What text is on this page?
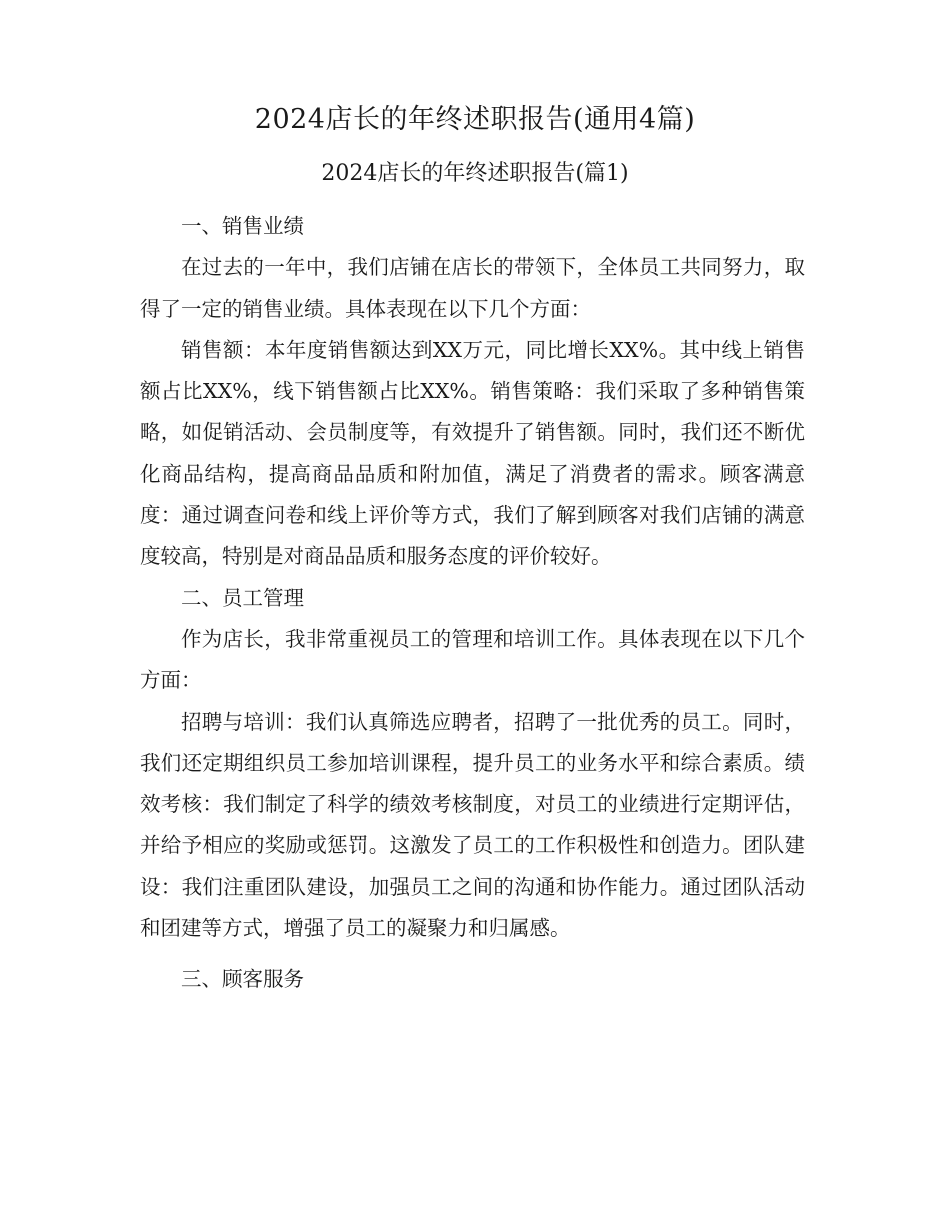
2024店长的年终述职报告(通用4篇)
2024店长的年终述职报告(篇1)

一、销售业绩

在过去的一年中，我们店铺在店长的带领下，全体员工共同努力，取得了一定的销售业绩。具体表现在以下几个方面：

销售额：本年度销售额达到XX万元，同比增长XX%。其中线上销售额占比XX%，线下销售额占比XX%。销售策略：我们采取了多种销售策略，如促销活动、会员制度等，有效提升了销售额。同时，我们还不断优化商品结构，提高商品品质和附加值，满足了消费者的需求。顾客满意度：通过调查问卷和线上评价等方式，我们了解到顾客对我们店铺的满意度较高，特别是对商品品质和服务态度的评价较好。

二、员工管理

作为店长，我非常重视员工的管理和培训工作。具体表现在以下几个方面：

招聘与培训：我们认真筛选应聘者，招聘了一批优秀的员工。同时，我们还定期组织员工参加培训课程，提升员工的业务水平和综合素质。绩效考核：我们制定了科学的绩效考核制度，对员工的业绩进行定期评估，并给予相应的奖励或惩罚。这激发了员工的工作积极性和创造力。团队建设：我们注重团队建设，加强员工之间的沟通和协作能力。通过团队活动和团建等方式，增强了员工的凝聚力和归属感。

三、顾客服务
